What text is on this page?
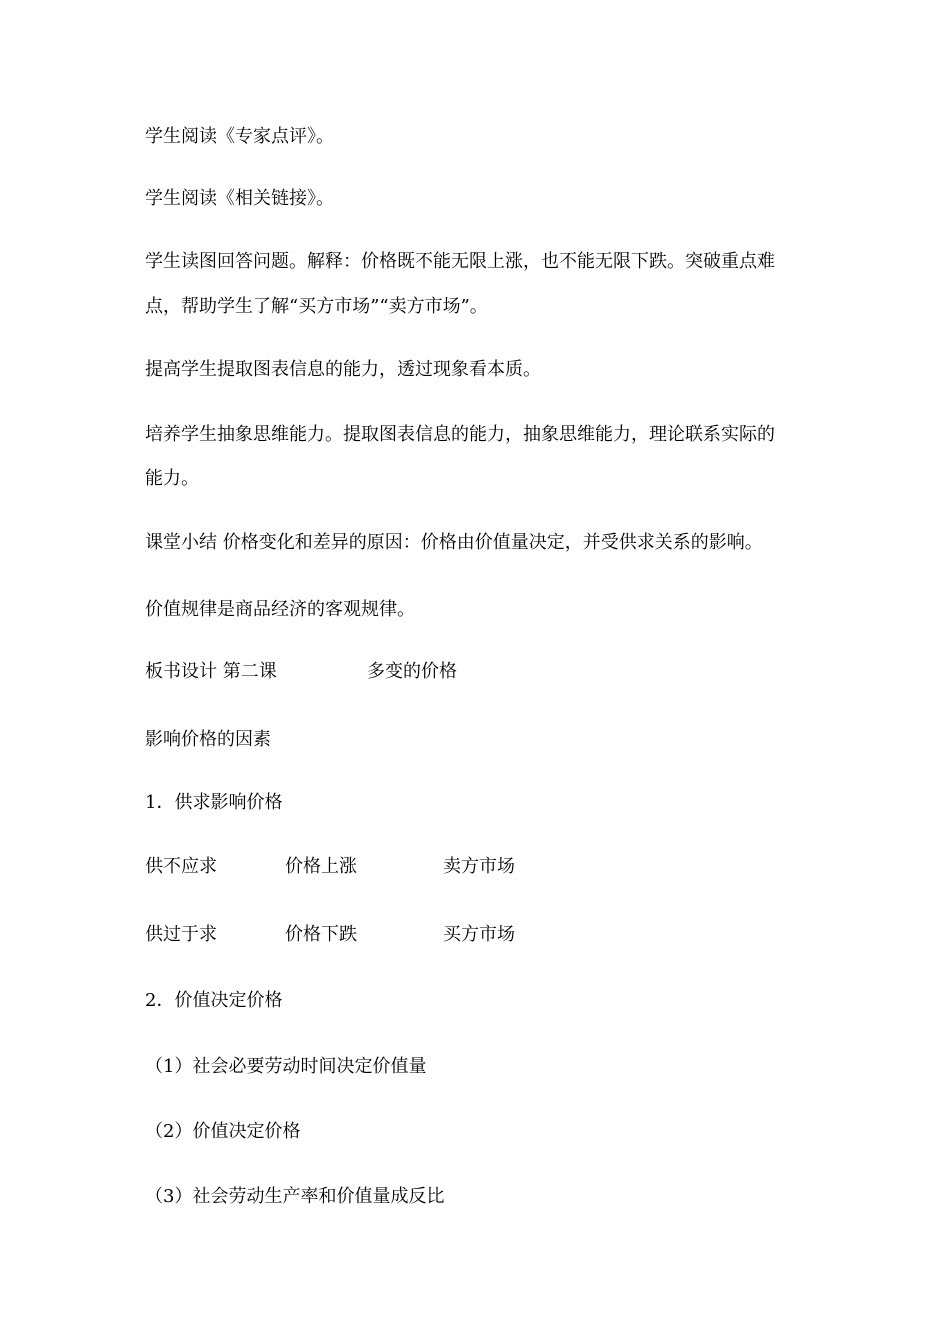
学生阅读《专家点评》。
学生阅读《相关链接》。
学生读图回答问题。解释：价格既不能无限上涨，也不能无限下跌。突破重点难
点，帮助学生了解“买方市场”“卖方市场”。
提高学生提取图表信息的能力，透过现象看本质。
培养学生抽象思维能力。提取图表信息的能力，抽象思维能力，理论联系实际的
能力。
课堂小结 价格变化和差异的原因：价格由价值量决定，并受供求关系的影响。
价值规律是商品经济的客观规律。
板书设计 第二课	多变的价格
影响价格的因素
1．供求影响价格
供不应求	价格上涨	卖方市场
供过于求	价格下跌	买方市场
2．价值决定价格
（1）社会必要劳动时间决定价值量
（2）价值决定价格
（3）社会劳动生产率和价值量成反比
